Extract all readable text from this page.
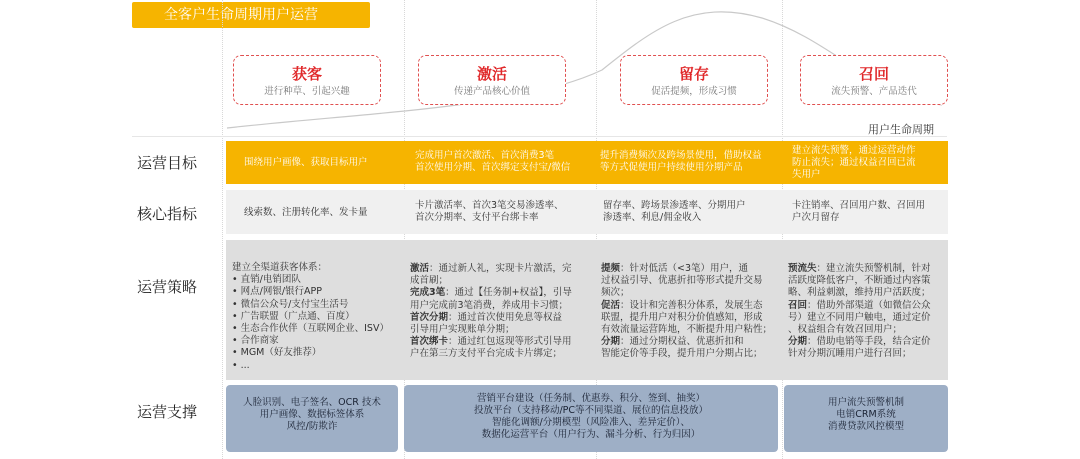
全客户生命周期用户运营
获客
进行种草、引起兴趣
激活
传递产品核心价值
留存
促活提频，形成习惯
召回
流失预警、产品迭代
用户生命周期
运营目标
核心指标
运营策略
运营支撑
围绕用户画像、获取目标用户
完成用户首次激活、首次消费3笔
首次使用分期、首次绑定支付宝/微信
提升消费频次及跨场景使用，借助权益
等方式促使用户持续使用分期产品
建立流失预警，通过运营动作
防止流失；通过权益召回已流
失用户
线索数、注册转化率、发卡量
卡片激活率、首次3笔交易渗透率、
首次分期率、支付平台绑卡率
留存率、跨场景渗透率、分期用户
渗透率、利息/佣金收入
卡注销率、召回用户数、召回用
户次月留存
建立全渠道获客体系：
• 直销/电销团队
• 网点/网银/银行APP
• 微信公众号/支付宝生活号
• 广告联盟（广点通、百度）
• 生态合作伙伴（互联网企业、ISV）
• 合作商家
• MGM（好友推荐）
• ...
激活：通过新人礼，实现卡片激活，完
成首刷；
完成3笔：通过【任务制+权益】，引导
用户完成前3笔消费，养成用卡习惯；
首次分期：通过首次使用免息等权益
引导用户实现账单分期；
首次绑卡：通过红包返现等形式引导用
户在第三方支付平台完成卡片绑定；
提频：针对低活（<3笔）用户，通
过权益引导、优惠折扣等形式提升交易
频次；
促活：设计和完善积分体系，发展生态
联盟，提升用户对积分价值感知，形成
有效流量运营阵地，不断提升用户粘性；
分期：通过分期权益、优惠折扣和
智能定价等手段，提升用户分期占比；
预流失：建立流失预警机制，针对
活跃度降低客户，不断通过内容策
略、利益刺激，维持用户活跃度；
召回：借助外部渠道（如微信公众
号）建立不同用户触电，通过定价
、权益组合有效召回用户；
分期：借助电销等手段，结合定价
针对分期沉睡用户进行召回；
人脸识别、电子签名、OCR 技术
用户画像、数据标签体系
风控/防欺诈
营销平台建设（任务制、优惠券、积分、签到、抽奖）
投放平台（支持移动/PC等不同渠道、展位的信息投放）
智能化调额/分期模型（风险准入、差异定价）、
数据化运营平台（用户行为、漏斗分析、行为归因）
用户流失预警机制
电销CRM系统
消费贷款风控模型
